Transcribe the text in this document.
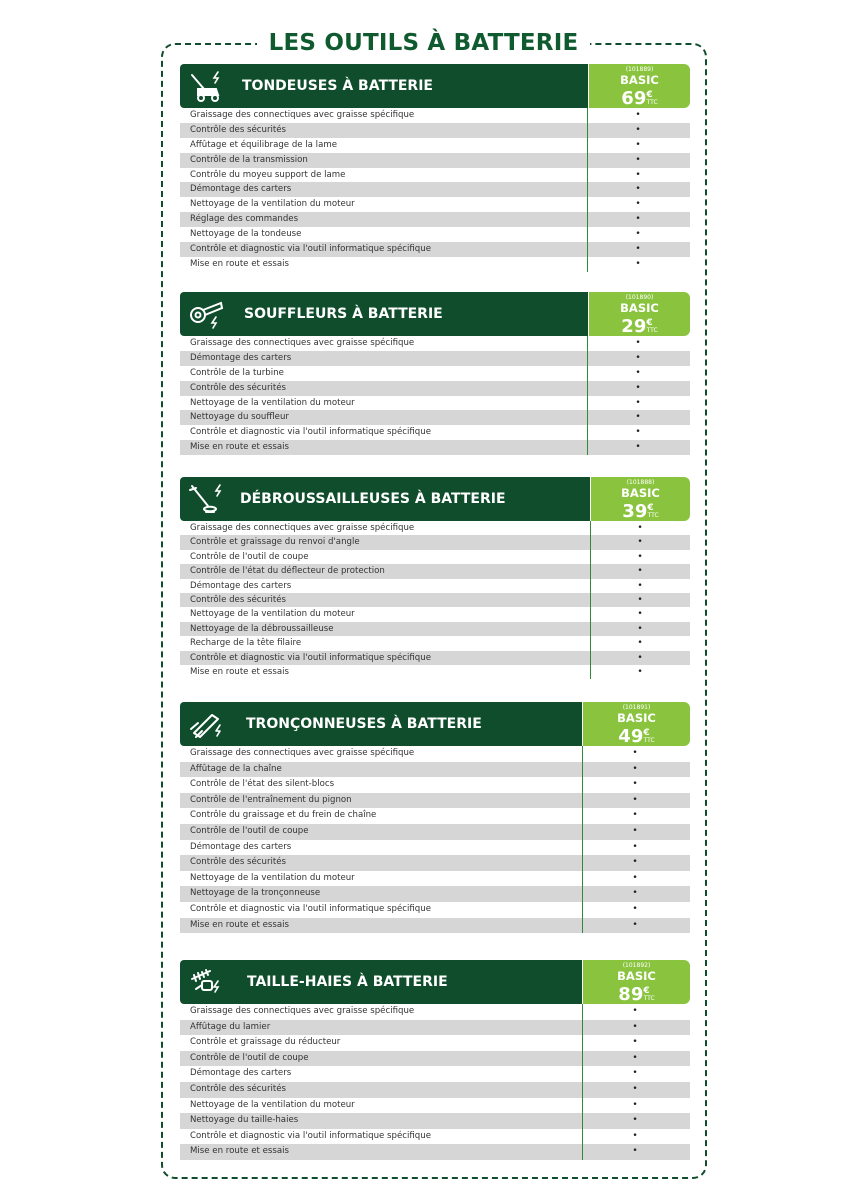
LES OUTILS À BATTERIE
TONDEUSES À BATTERIE
(101889)
BASIC
69€TTC
Graissage des connectiques avec graisse spécifique	•
Contrôle des sécurités	•
Affûtage et équilibrage de la lame	•
Contrôle de la transmission	•
Contrôle du moyeu support de lame	•
Démontage des carters	•
Nettoyage de la ventilation du moteur	•
Réglage des commandes	•
Nettoyage de la tondeuse	•
Contrôle et diagnostic via l'outil informatique spécifique	•
Mise en route et essais	•
SOUFFLEURS À BATTERIE
(101890)
BASIC
29€TTC
Graissage des connectiques avec graisse spécifique	•
Démontage des carters	•
Contrôle de la turbine	•
Contrôle des sécurités	•
Nettoyage de la ventilation du moteur	•
Nettoyage du souffleur	•
Contrôle et diagnostic via l'outil informatique spécifique	•
Mise en route et essais	•
DÉBROUSSAILLEUSES À BATTERIE
(101888)
BASIC
39€TTC
Graissage des connectiques avec graisse spécifique	•
Contrôle et graissage du renvoi d'angle	•
Contrôle de l'outil de coupe	•
Contrôle de l'état du déflecteur de protection	•
Démontage des carters	•
Contrôle des sécurités	•
Nettoyage de la ventilation du moteur	•
Nettoyage de la débroussailleuse	•
Recharge de la tête filaire	•
Contrôle et diagnostic via l'outil informatique spécifique	•
Mise en route et essais	•
TRONÇONNEUSES À BATTERIE
(101891)
BASIC
49€TTC
Graissage des connectiques avec graisse spécifique	•
Affûtage de la chaîne	•
Contrôle de l'état des silent-blocs	•
Contrôle de l'entraînement du pignon	•
Contrôle du graissage et du frein de chaîne	•
Contrôle de l'outil de coupe	•
Démontage des carters	•
Contrôle des sécurités	•
Nettoyage de la ventilation du moteur	•
Nettoyage de la tronçonneuse	•
Contrôle et diagnostic via l'outil informatique spécifique	•
Mise en route et essais	•
TAILLE-HAIES À BATTERIE
(101892)
BASIC
89€TTC
Graissage des connectiques avec graisse spécifique	•
Affûtage du lamier	•
Contrôle et graissage du réducteur	•
Contrôle de l'outil de coupe	•
Démontage des carters	•
Contrôle des sécurités	•
Nettoyage de la ventilation du moteur	•
Nettoyage du taille-haies	•
Contrôle et diagnostic via l'outil informatique spécifique	•
Mise en route et essais	•
